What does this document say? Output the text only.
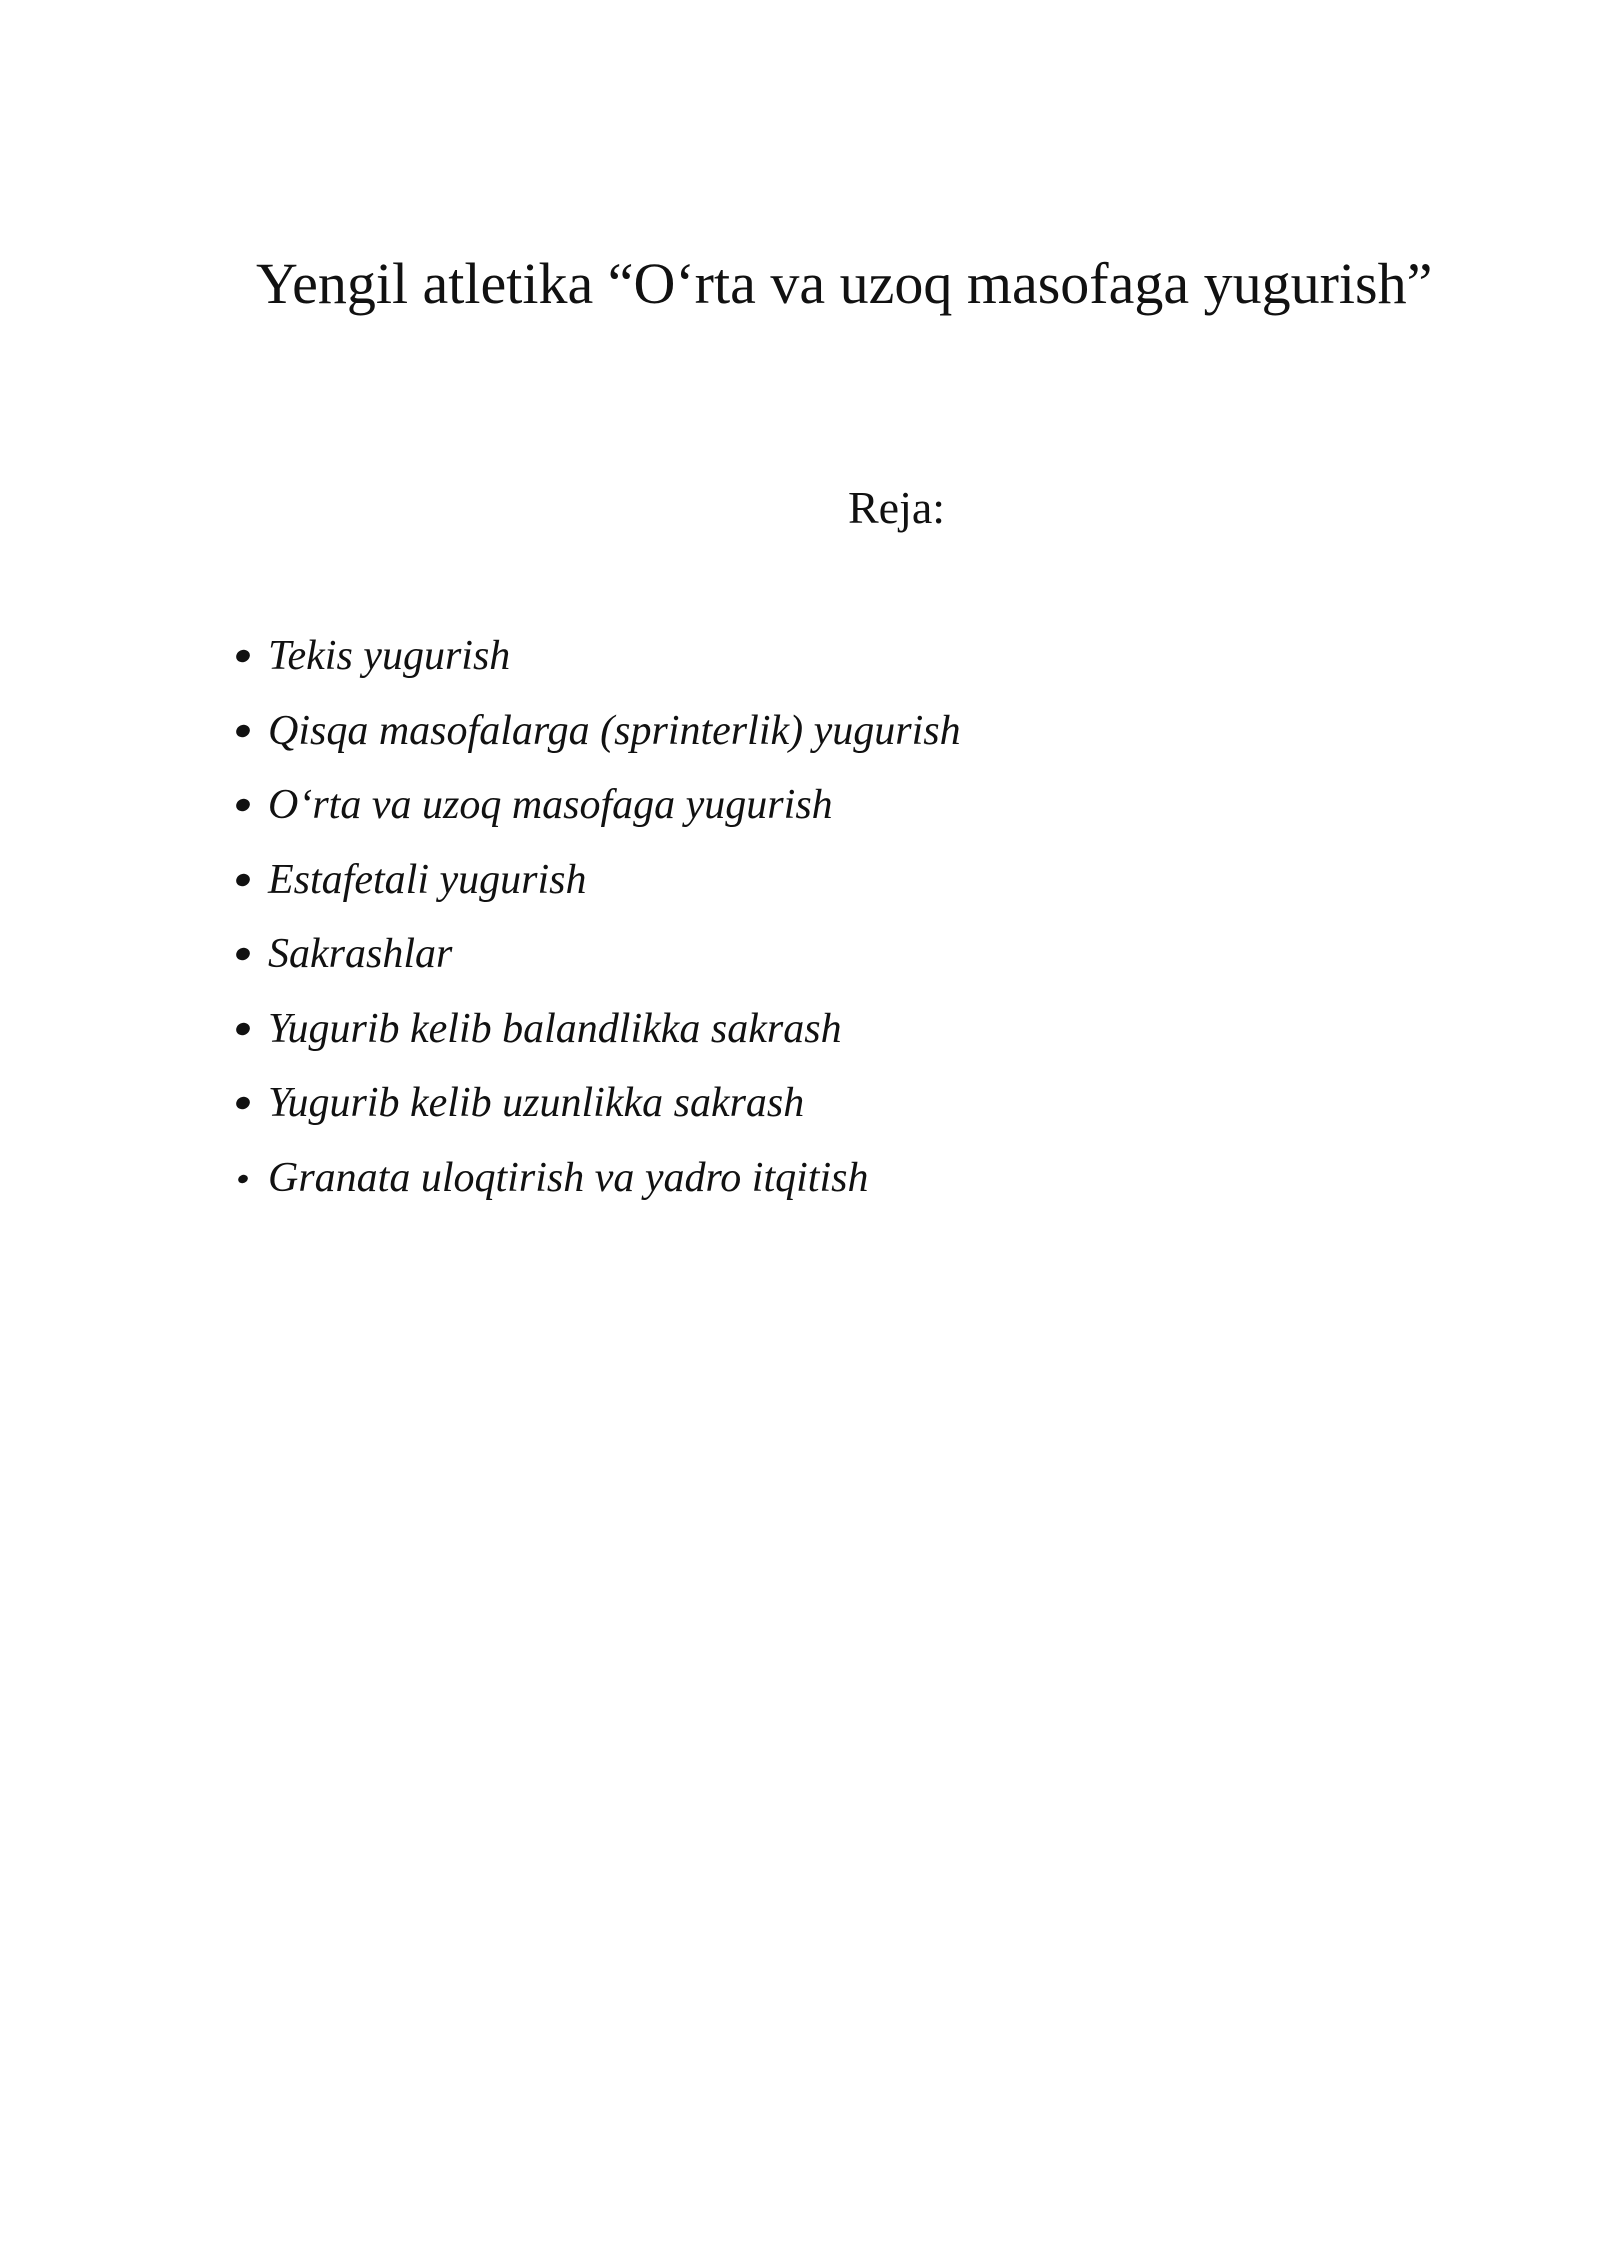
Yengil atletika “O‘rta va uzoq masofaga yugurish”
Reja:
Tekis yugurish
Qisqa masofalarga (sprinterlik) yugurish
O‘rta va uzoq masofaga yugurish
Estafetali yugurish
Sakrashlar
Yugurib kelib balandlikka sakrash
Yugurib kelib uzunlikka sakrash
Granata uloqtirish va yadro itqitish
